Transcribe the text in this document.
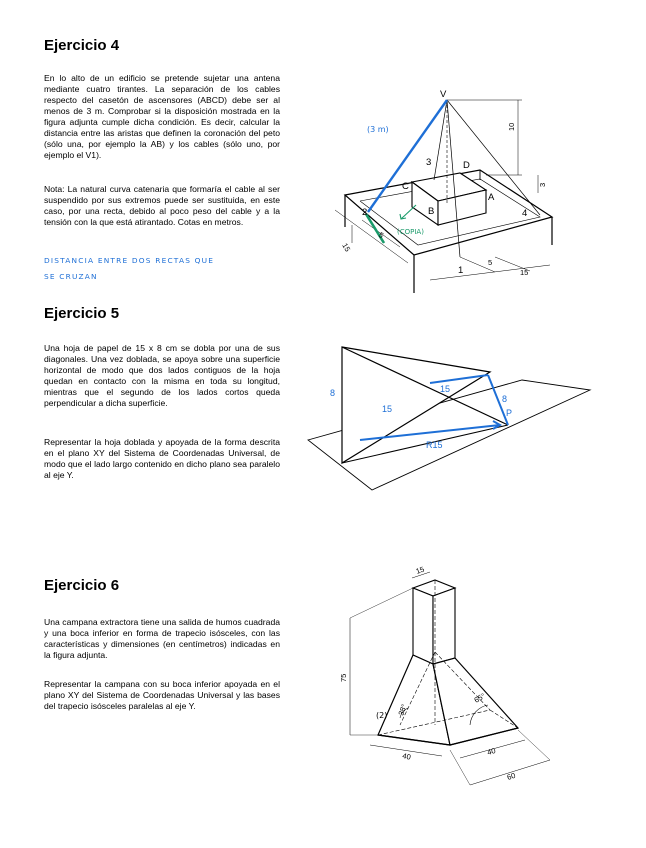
Ejercicio 4

En lo alto de un edificio se pretende sujetar una antena mediante cuatro tirantes. La separación de los cables respecto del casetón de ascensores (ABCD) debe ser al menos de 3 m. Comprobar si la disposición mostrada en la figura adjunta cumple dicha condición. Es decir, calcular la distancia entre las aristas que definen la coronación del peto (sólo una, por ejemplo la AB) y los cables (sólo uno, por ejemplo el V1).

Nota: La natural curva catenaria que formaría el cable al ser suspendido por sus extremos puede ser sustituida, en este caso, por una recta, debido al poco peso del cable y a la tensión con la que está atirantado. Cotas en metros.

DISTANCIA ENTRE DOS RECTAS QUE
SE CRUZAN
V
A
B
C
D
1
2
3
4
10
3
5
15
5
15
(3 m)
(COPIA)
Ejercicio 5

Una hoja de papel de 15 x 8 cm se dobla por una de sus diagonales. Una vez doblada, se apoya sobre una superficie horizontal de modo que dos lados contiguos de la hoja quedan en contacto con la misma en toda su longitud, mientras que el segundo de los lados cortos queda perpendicular a dicha superficie.

Representar la hoja doblada y apoyada de la forma descrita en el plano XY del Sistema de Coordenadas Universal, de modo que el lado largo contenido en dicho plano sea paralelo al eje Y.

8	15
15
8
R15
P
Ejercicio 6

Una campana extractora tiene una salida de humos cuadrada y una boca inferior en forma de trapecio isósceles, con las características y dimensiones (en centímetros) indicadas en la figura adjunta.

Representar la campana con su boca inferior apoyada en el plano XY del Sistema de Coordenadas Universal y las bases del trapecio isósceles paralelas al eje Y.

15
75
40	40
60
65°
38°
(2)
